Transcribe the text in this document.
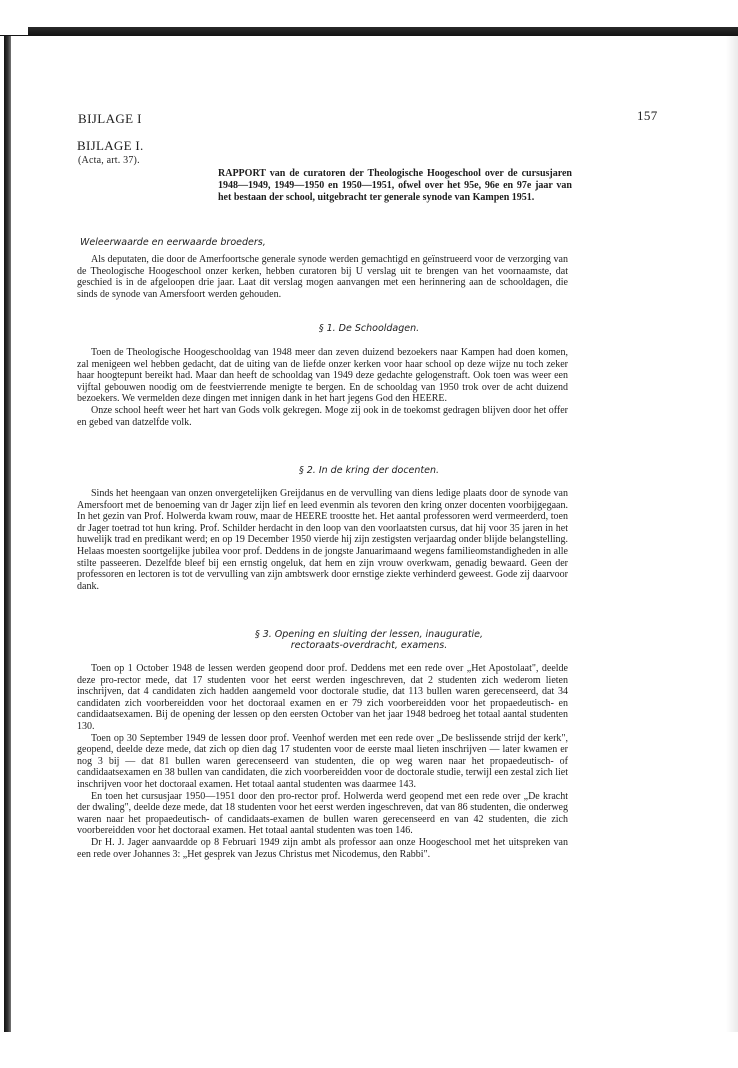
BIJLAGE I	157
BIJLAGE I.
(Acta, art. 37).

RAPPORT van de curatoren der Theologische Hoogeschool over de cursusjaren 1948—1949, 1949—1950 en 1950—1951, ofwel over het 95e, 96e en 97e jaar van het bestaan der school, uitgebracht ter generale synode van Kampen 1951.

Weleerwaarde en eerwaarde broeders,

Als deputaten, die door de Amerfoortsche generale synode werden gemachtigd en geïnstrueerd voor de verzorging van de Theologische Hoogeschool onzer kerken, hebben curatoren bij U verslag uit te brengen van het voornaamste, dat geschied is in de afgeloopen drie jaar. Laat dit verslag mogen aanvangen met een herinnering aan de schooldagen, die sinds de synode van Amersfoort werden gehouden.

§ 1. De Schooldagen.

Toen de Theologische Hoogeschooldag van 1948 meer dan zeven duizend bezoekers naar Kampen had doen komen, zal menigeen wel hebben gedacht, dat de uiting van de liefde onzer kerken voor haar school op deze wijze nu toch zeker haar hoogtepunt bereikt had. Maar dan heeft de schooldag van 1949 deze gedachte gelogenstraft. Ook toen was weer een vijftal gebouwen noodig om de feestvierrende menigte te bergen. En de schooldag van 1950 trok over de acht duizend bezoekers. We vermelden deze dingen met innigen dank in het hart jegens God den HEERE.

Onze school heeft weer het hart van Gods volk gekregen. Moge zij ook in de toekomst gedragen blijven door het offer en gebed van datzelfde volk.

§ 2. In de kring der docenten.

Sinds het heengaan van onzen onvergetelijken Greijdanus en de vervulling van diens ledige plaats door de synode van Amersfoort met de benoeming van dr Jager zijn lief en leed evenmin als tevoren den kring onzer docenten voorbijgegaan. In het gezin van Prof. Holwerda kwam rouw, maar de HEERE troostte het. Het aantal professoren werd vermeerderd, toen dr Jager toetrad tot hun kring. Prof. Schilder herdacht in den loop van den voorlaatsten cursus, dat hij voor 35 jaren in het huwelijk trad en predikant werd; en op 19 December 1950 vierde hij zijn zestigsten verjaardag onder blijde belangstelling. Helaas moesten soortgelijke jubilea voor prof. Deddens in de jongste Januarimaand wegens familieomstandigheden in alle stilte passeeren. Dezelfde bleef bij een ernstig ongeluk, dat hem en zijn vrouw overkwam, genadig bewaard. Geen der professoren en lectoren is tot de vervulling van zijn ambtswerk door ernstige ziekte verhinderd geweest. Gode zij daarvoor dank.

§ 3. Opening en sluiting der lessen, inauguratie,
rectoraats-overdracht, examens.

Toen op 1 October 1948 de lessen werden geopend door prof. Deddens met een rede over „Het Apostolaat", deelde deze pro-rector mede, dat 17 studenten voor het eerst werden ingeschreven, dat 2 studenten zich wederom lieten inschrijven, dat 4 candidaten zich hadden aangemeld voor doctorale studie, dat 113 bullen waren gerecenseerd, dat 34 candidaten zich voorbereidden voor het doctoraal examen en er 79 zich voorbereidden voor het propaedeutisch- en candidaatsexamen. Bij de opening der lessen op den eersten October van het jaar 1948 bedroeg het totaal aantal studenten 130.

Toen op 30 September 1949 de lessen door prof. Veenhof werden met een rede over „De beslissende strijd der kerk", geopend, deelde deze mede, dat zich op dien dag 17 studenten voor de eerste maal lieten inschrijven — later kwamen er nog 3 bij — dat 81 bullen waren gerecenseerd van studenten, die op weg waren naar het propaedeutisch- of candidaatsexamen en 38 bullen van candidaten, die zich voorbereidden voor de doctorale studie, terwijl een zestal zich liet inschrijven voor het doctoraal examen. Het totaal aantal studenten was daarmee 143.

En toen het cursusjaar 1950—1951 door den pro-rector prof. Holwerda werd geopend met een rede over „De kracht der dwaling", deelde deze mede, dat 18 studenten voor het eerst werden ingeschreven, dat van 86 studenten, die onderweg waren naar het propaedeutisch- of candidaats-examen de bullen waren gerecenseerd en van 42 studenten, die zich voorbereidden voor het doctoraal examen. Het totaal aantal studenten was toen 146.

Dr H. J. Jager aanvaardde op 8 Februari 1949 zijn ambt als professor aan onze Hoogeschool met het uitspreken van een rede over Johannes 3: „Het gesprek van Jezus Christus met Nicodemus, den Rabbi".
